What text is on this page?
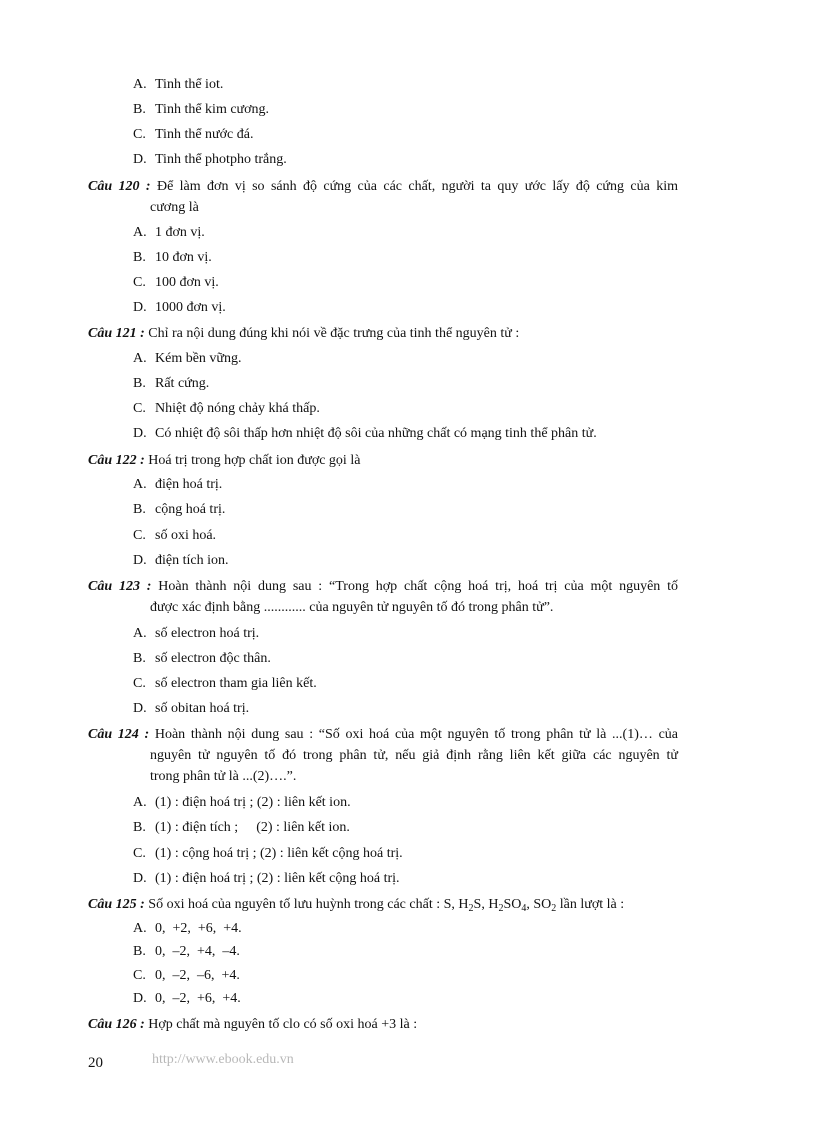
A. Tinh thể iot.
B. Tinh thể kim cương.
C. Tinh thể nước đá.
D. Tinh thể photpho trắng.
Câu 120 : Để làm đơn vị so sánh độ cứng của các chất, người ta quy ước lấy độ cứng của kim
cương là
A. 1 đơn vị.
B. 10 đơn vị.
C. 100 đơn vị.
D. 1000 đơn vị.
Câu 121 : Chỉ ra nội dung đúng khi nói về đặc trưng của tinh thể nguyên tử :
A. Kém bền vững.
B. Rất cứng.
C. Nhiệt độ nóng chảy khá thấp.
D. Có nhiệt độ sôi thấp hơn nhiệt độ sôi của những chất có mạng tinh thể phân tử.
Câu 122 : Hoá trị trong hợp chất ion được gọi là
A. điện hoá trị.
B. cộng hoá trị.
C. số oxi hoá.
D. điện tích ion.
Câu 123 : Hoàn thành nội dung sau : “Trong hợp chất cộng hoá trị, hoá trị của một nguyên tố
được xác định bằng ............ của nguyên tử nguyên tố đó trong phân tử”.
A. số electron hoá trị.
B. số electron độc thân.
C. số electron tham gia liên kết.
D. số obitan hoá trị.
Câu 124 : Hoàn thành nội dung sau : “Số oxi hoá của một nguyên tố trong phân tử là ...(1)… của
nguyên tử nguyên tố đó trong phân tử, nếu giả định rằng liên kết giữa các nguyên tử
trong phân tử là ...(2)….”.
A. (1) : điện hoá trị ; (2) : liên kết ion.
B. (1) : điện tích ; (2) : liên kết ion.
C. (1) : cộng hoá trị ; (2) : liên kết cộng hoá trị.
D. (1) : điện hoá trị ; (2) : liên kết cộng hoá trị.
Câu 125 : Số oxi hoá của nguyên tố lưu huỳnh trong các chất : S, $H_2S$, $H_2SO_4$, $SO_2$ lần lượt là :
A. 0,  +2,  +6,  +4.
B. 0,  –2,  +4,  –4.
C. 0,  –2,  –6,  +4.
D. 0,  –2,  +6,  +4.
Câu 126 : Hợp chất mà nguyên tố clo có số oxi hoá +3 là :
20	http://www.ebook.edu.vn
